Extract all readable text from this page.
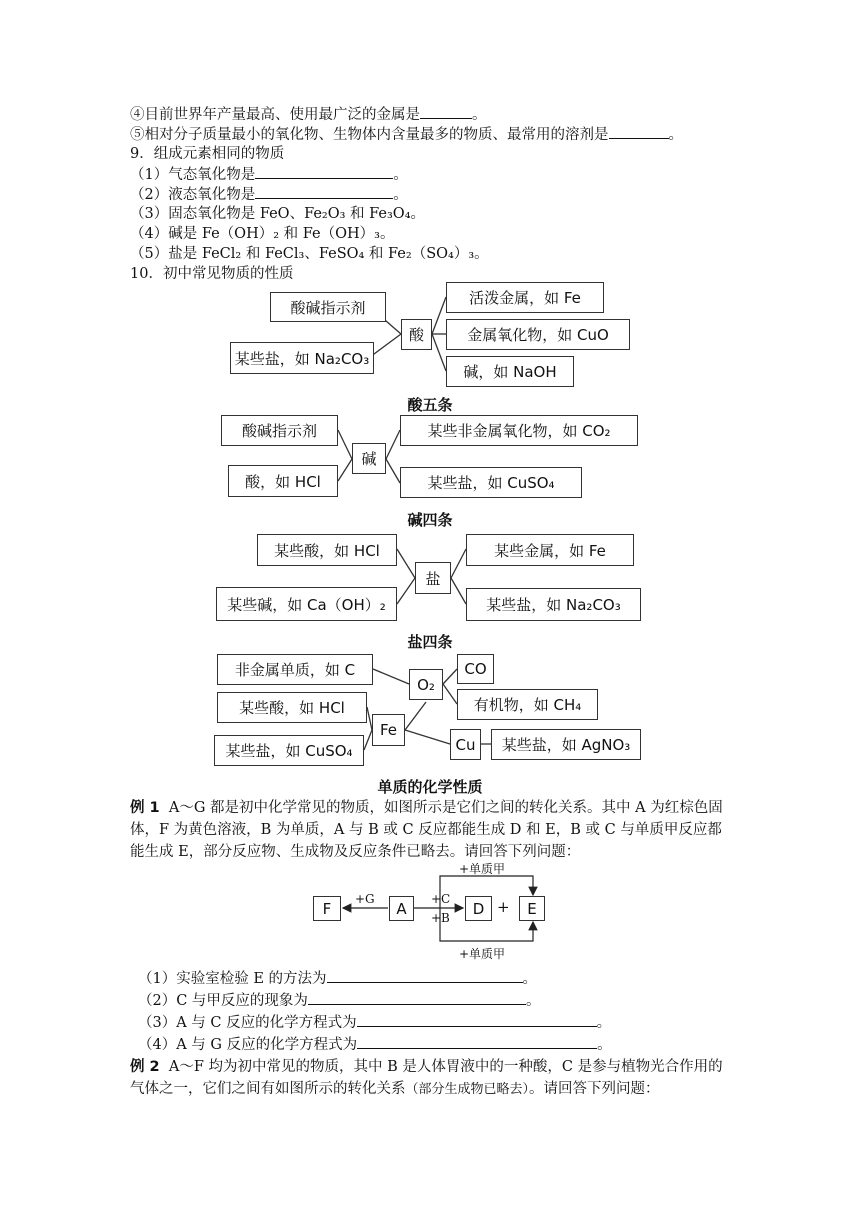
④目前世界年产量最高、使用最广泛的金属是	。
⑤相对分子质量最小的氧化物、生物体内含量最多的物质、最常用的溶剂是	。
9．组成元素相同的物质
（1）气态氧化物是	。
（2）液态氧化物是	。
（3）固态氧化物是 FeO、Fe₂O₃ 和 Fe₃O₄。
（4）碱是 Fe（OH）₂ 和 Fe（OH）₃。
（5）盐是 FeCl₂ 和 FeCl₃、FeSO₄ 和 Fe₂（SO₄）₃。
10．初中常见物质的性质
酸碱指示剂
某些盐，如 Na₂CO₃
酸
活泼金属，如 Fe
金属氧化物，如 CuO
碱，如 NaOH
酸五条
酸碱指示剂
酸，如 HCl
碱
某些非金属氧化物，如 CO₂
某些盐，如 CuSO₄
碱四条
某些酸，如 HCl
某些碱，如 Ca（OH）₂
盐
某些金属，如 Fe
某些盐，如 Na₂CO₃
盐四条
非金属单质，如 C
某些酸，如 HCl
某些盐，如 CuSO₄
Fe
O₂
CO
有机物，如 CH₄
Cu	某些盐，如 AgNO₃
单质的化学性质
例 1 A～G 都是初中化学常见的物质，如图所示是它们之间的转化关系。其中 A 为红棕色固体，F 为黄色溶液，B 为单质，A 与 B 或 C 反应都能生成 D 和 E，B 或 C 与单质甲反应都能生成 E，部分反应物、生成物及反应条件已略去。请回答下列问题：
F	A	D +	E
+G	+C
+B
+单质甲
+单质甲
（1）实验室检验 E 的方法为	。
（2）C 与甲反应的现象为	。
（3）A 与 C 反应的化学方程式为	。
（4）A 与 G 反应的化学方程式为	。
例 2 A～F 均为初中常见的物质，其中 B 是人体胃液中的一种酸，C 是参与植物光合作用的气体之一，它们之间有如图所示的转化关系（部分生成物已略去）。请回答下列问题：
